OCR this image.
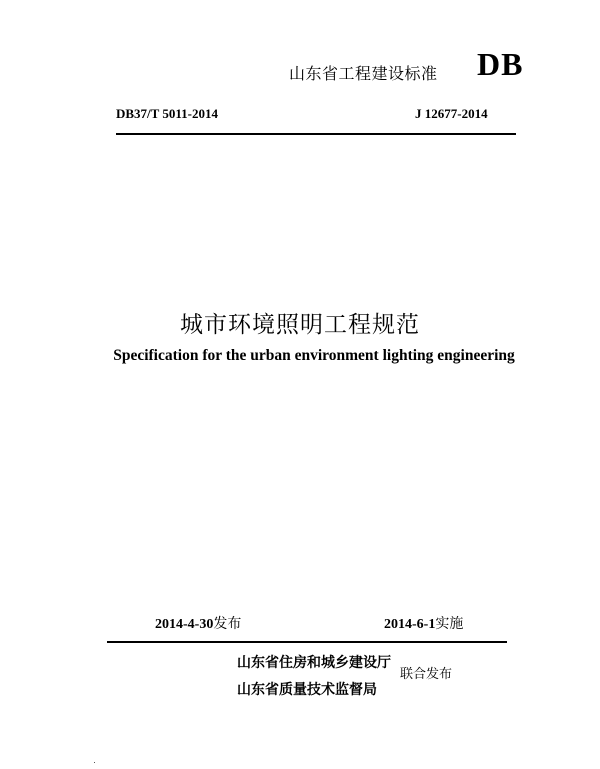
山东省工程建设标准 DB
DB37/T 5011-2014	J 12677-2014
城市环境照明工程规范
Specification for the urban environment lighting engineering
2014-4-30发布	2014-6-1实施
山东省住房和城乡建设厅
山东省质量技术监督局
联合发布
